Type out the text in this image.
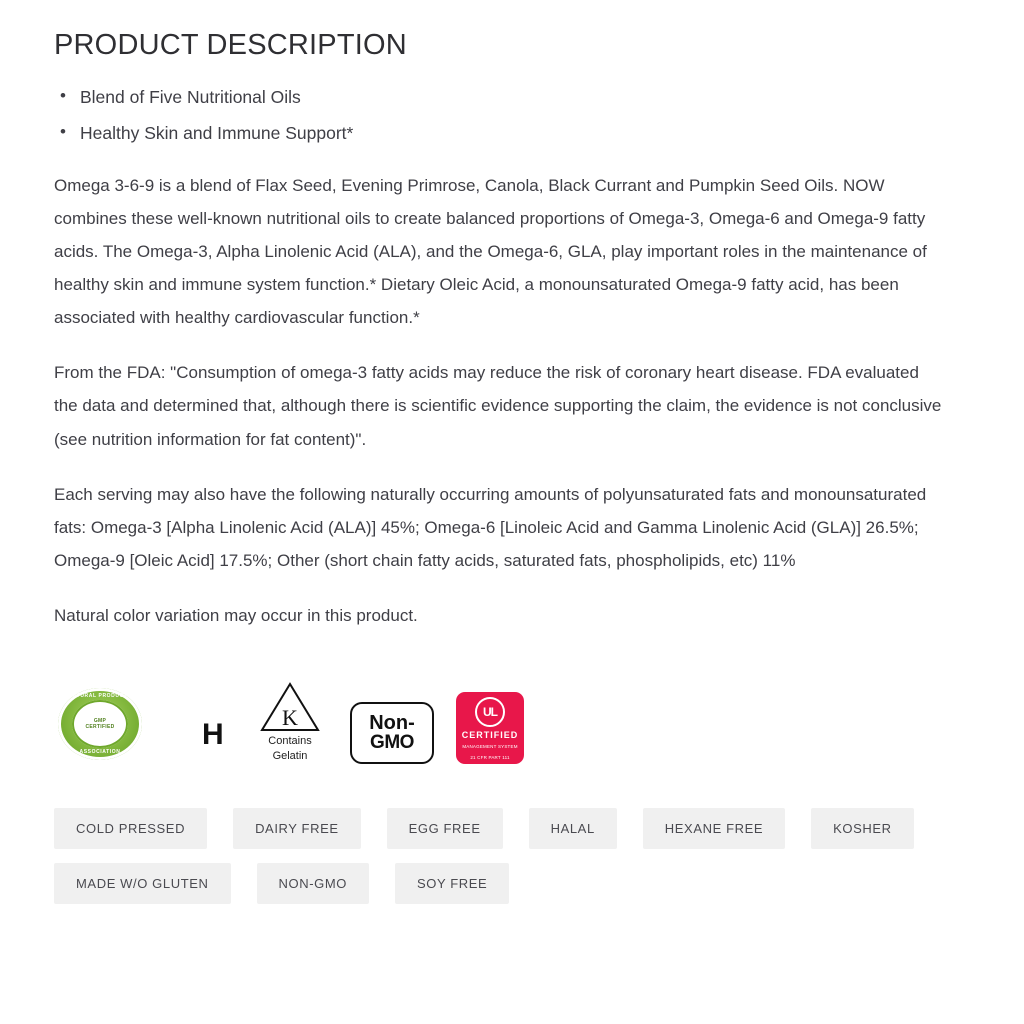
PRODUCT DESCRIPTION
• Blend of Five Nutritional Oils
• Healthy Skin and Immune Support*

Omega 3-6-9 is a blend of Flax Seed, Evening Primrose, Canola, Black Currant and Pumpkin Seed Oils. NOW combines these well-known nutritional oils to create balanced proportions of Omega-3, Omega-6 and Omega-9 fatty acids. The Omega-3, Alpha Linolenic Acid (ALA), and the Omega-6, GLA, play important roles in the maintenance of healthy skin and immune system function.* Dietary Oleic Acid, a monounsaturated Omega-9 fatty acid, has been associated with healthy cardiovascular function.*

From the FDA: "Consumption of omega-3 fatty acids may reduce the risk of coronary heart disease. FDA evaluated the data and determined that, although there is scientific evidence supporting the claim, the evidence is not conclusive (see nutrition information for fat content)".

Each serving may also have the following naturally occurring amounts of polyunsaturated fats and monounsaturated fats: Omega-3 [Alpha Linolenic Acid (ALA)] 45%; Omega-6 [Linoleic Acid and Gamma Linolenic Acid (GLA)] 26.5%; Omega-9 [Oleic Acid] 17.5%; Other (short chain fatty acids, saturated fats, phospholipids, etc) 11%

Natural color variation may occur in this product.

NATURAL PRODUCTS
ASSOCIATION
GMP
CERTIFIED	H
K
Contains
Gelatin
Non-
GMO
UL
CERTIFIED
MANAGEMENT SYSTEM
21 CFR PART 111
COLD PRESSED	DAIRY FREE	EGG FREE	HALAL	HEXANE FREE	KOSHER
MADE W/O GLUTEN	NON-GMO	SOY FREE
